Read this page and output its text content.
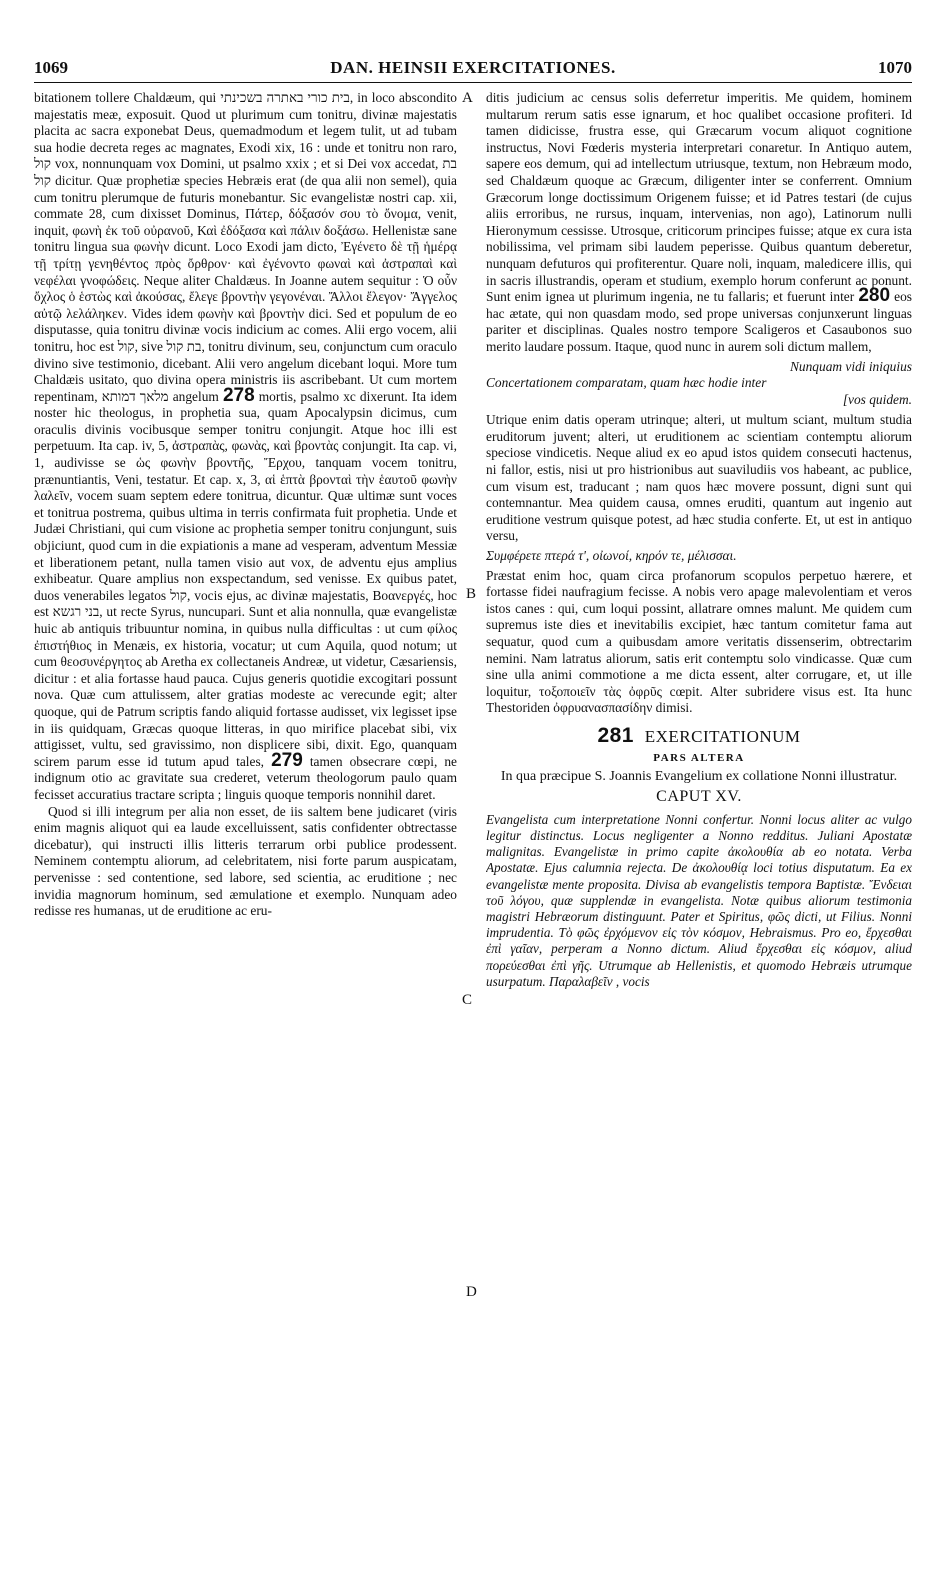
1069	DAN. HEINSII EXERCITATIONES.	1070
A
B
C
D

bitationem tollere Chaldæum, qui בית כורי באתרה בשכינתי, in loco abscondito majestatis meæ, exposuit. Quod ut plurimum cum tonitru, divinæ majestatis placita ac sacra exponebat Deus, quemadmodum et legem tulit, ut ad tubam sua hodie decreta reges ac magnates, Exodi xix, 16 : unde et tonitru non raro, קול vox, nonnunquam vox Domini, ut psalmo xxix ; et si Dei vox accedat, בת קול dicitur. Quæ prophetiæ species Hebræis erat (de qua alii non semel), quia cum tonitru plerumque de futuris monebantur. Sic evangelistæ nostri cap. xii, commate 28, cum dixisset Dominus, Πάτερ, δόξασόν σου τὸ ὄνομα, venit, inquit, φωνὴ ἐκ τοῦ οὐρανοῦ, Καὶ ἐδόξασα καὶ πάλιν δοξάσω. Hellenistæ sane tonitru lingua sua φωνὴν dicunt. Loco Exodi jam dicto, Ἐγένετο δὲ τῇ ἡμέρᾳ τῇ τρίτῃ γενηθέντος πρὸς ὄρθρον· καὶ ἐγένοντο φωναὶ καὶ ἀστραπαὶ καὶ νεφέλαι γνοφώδεις. Neque aliter Chaldæus. In Joanne autem sequitur : Ὁ οὖν ὄχλος ὁ ἑστὼς καὶ ἀκούσας, ἔλεγε βροντὴν γεγονέναι. Ἄλλοι ἔλεγον· Ἄγγελος αὐτῷ λελάληκεν. Vides idem φωνὴν καὶ βροντὴν dici. Sed et populum de eo disputasse, quia tonitru divinæ vocis indicium ac comes. Alii ergo vocem, alii tonitru, hoc est קול, sive בת קול, tonitru divinum, seu, conjunctum cum oraculo divino sive testimonio, dicebant. Alii vero angelum dicebant loqui. More tum Chaldæis usitato, quo divina opera ministris iis ascribebant. Ut cum mortem repentinam, מלאך דמותא angelum 278 mortis, psalmo xc dixerunt. Ita idem noster hic theologus, in prophetia sua, quam Apocalypsin dicimus, cum oraculis divinis vocibusque semper tonitru conjungit. Atque hoc illi est perpetuum. Ita cap. iv, 5, ἀστραπὰς, φωνὰς, καὶ βροντὰς conjungit. Ita cap. vi, 1, audivisse se ὡς φωνὴν βροντῆς, Ἔρχου, tanquam vocem tonitru, prænuntiantis, Veni, testatur. Et cap. x, 3, αἱ ἑπτὰ βρονταὶ τὴν ἑαυτοῦ φωνὴν λαλεῖν, vocem suam septem edere tonitrua, dicuntur. Quæ ultimæ sunt voces et tonitrua postrema, quibus ultima in terris confirmata fuit prophetia. Unde et Judæi Christiani, qui cum visione ac prophetia semper tonitru conjungunt, suis objiciunt, quod cum in die expiationis a mane ad vesperam, adventum Messiæ et liberationem petant, nulla tamen visio aut vox, de adventu ejus amplius exhibeatur. Quare amplius non exspectandum, sed venisse. Ex quibus patet, duos venerabiles legatos קול, vocis ejus, ac divinæ majestatis, Βοανεργές, hoc est בני רגשא, ut recte Syrus, nuncupari. Sunt et alia nonnulla, quæ evangelistæ huic ab antiquis tribuuntur nomina, in quibus nulla difficultas : ut cum φίλος ἐπιστήθιος in Menæis, ex historia, vocatur; ut cum Aquila, quod notum; ut cum θεοσυνέργητος ab Aretha ex collectaneis Andreæ, ut videtur, Cæsariensis, dicitur : et alia fortasse haud pauca. Cujus generis quotidie excogitari possunt nova. Quæ cum attulissem, alter gratias modeste ac verecunde egit; alter quoque, qui de Patrum scriptis fando aliquid fortasse audisset, vix legisset ipse in iis quidquam, Græcas quoque litteras, in quo mirifice placebat sibi, vix attigisset, vultu, sed gravissimo, non displicere sibi, dixit. Ego, quanquam scirem parum esse id tutum apud tales, 279 tamen obsecrare cœpi, ne indignum otio ac gravitate sua crederet, veterum theologorum paulo quam fecisset accuratius tractare scripta ; linguis quoque temporis nonnihil daret.

Quod si illi integrum per alia non esset, de iis saltem bene judicaret (viris enim magnis aliquot qui ea laude excelluissent, satis confidenter obtrectasse dicebatur), qui instructi illis litteris terrarum orbi publice prodessent. Neminem contemptu aliorum, ad celebritatem, nisi forte parum auspicatam, pervenisse : sed contentione, sed labore, sed scientia, ac eruditione ; nec invidia magnorum hominum, sed æmulatione et exemplo. Nunquam adeo redisse res humanas, ut de eruditione ac eru-

ditis judicium ac census solis deferretur imperitis. Me quidem, hominem multarum rerum satis esse ignarum, et hoc qualibet occasione profiteri. Id tamen didicisse, frustra esse, qui Græcarum vocum aliquot cognitione instructus, Novi Fœderis mysteria interpretari conaretur. In Antiquo autem, sapere eos demum, qui ad intellectum utriusque, textum, non Hebræum modo, sed Chaldæum quoque ac Græcum, diligenter inter se conferrent. Omnium Græcorum longe doctissimum Origenem fuisse; et id Patres testari (de cujus aliis erroribus, ne rursus, inquam, intervenias, non ago), Latinorum nulli Hieronymum cessisse. Utrosque, criticorum principes fuisse; atque ex cura ista nobilissima, vel primam sibi laudem peperisse. Quibus quantum deberetur, nunquam defuturos qui profiterentur. Quare noli, inquam, maledicere illis, qui in sacris illustrandis, operam et studium, exemplo horum conferunt ac ponunt. Sunt enim ignea ut plurimum ingenia, ne tu fallaris; et fuerunt inter 280 eos hac ætate, qui non quasdam modo, sed prope universas conjunxerunt linguas pariter et disciplinas. Quales nostro tempore Scaligeros et Casaubonos suo merito laudare possum. Itaque, quod nunc in aurem soli dictum mallem,

Nunquam vidi iniquius

Concertationem comparatam, quam hæc hodie inter

[vos quidem.

Utrique enim datis operam utrinque; alteri, ut multum sciant, multum studia eruditorum juvent; alteri, ut eruditionem ac scientiam contemptu aliorum speciose vindicetis. Neque aliud ex eo apud istos quidem consecuti hactenus, ni fallor, estis, nisi ut pro histrionibus aut suaviludiis vos habeant, ac publice, cum visum est, traducant ; nam quos hæc movere possunt, digni sunt qui contemnantur. Mea quidem causa, omnes eruditi, quantum aut ingenio aut eruditione vestrum quisque potest, ad hæc studia conferte. Et, ut est in antiquo versu,

Συμφέρετε πτερά τ', οἰωνοί, κηρόν τε, μέλισσαι.

Præstat enim hoc, quam circa profanorum scopulos perpetuo hærere, et fortasse fidei naufragium fecisse. A nobis vero apage malevolentiam et veros istos canes : qui, cum loqui possint, allatrare omnes malunt. Me quidem cum supremus iste dies et inevitabilis excipiet, hæc tantum comitetur fama aut sequatur, quod cum a quibusdam amore veritatis dissenserim, obtrectarim nemini. Nam latratus aliorum, satis erit contemptu solo vindicasse. Quæ cum sine ulla animi commotione a me dicta essent, alter corrugare, et, ut ille loquitur, τοξοποιεῖν τὰς ὀφρῦς cœpit. Alter subridere visus est. Ita hunc Thestoriden ὀφρυανασπασίδην dimisi.

281 EXERCITATIONUM
PARS ALTERA
In qua præcipue S. Joannis Evangelium ex collatione Nonni illustratur.
CAPUT XV.

Evangelista cum interpretatione Nonni confertur. Nonni locus aliter ac vulgo legitur distinctus. Locus negligenter a Nonno redditus. Juliani Apostatæ malignitas. Evangelistæ in primo capite ἀκολουθία ab eo notata. Verba Apostatæ. Ejus calumnia rejecta. De ἀκολουθίᾳ loci totius disputatum. Ea ex evangelistæ mente proposita. Divisa ab evangelistis tempora Baptistæ. Ἔνδειαι τοῦ λόγου, quæ supplendæ in evangelista. Notæ quibus aliorum testimonia magistri Hebræorum distinguunt. Pater et Spiritus, φῶς dicti, ut Filius. Nonni imprudentia. Τὸ φῶς ἐρχόμενον εἰς τὸν κόσμον, Hebraismus. Pro eo, ἔρχεσθαι ἐπὶ γαῖαν, perperam a Nonno dictum. Aliud ἔρχεσθαι εἰς κόσμον, aliud πορεύεσθαι ἐπὶ γῆς. Utrumque ab Hellenistis, et quomodo Hebræis utrumque usurpatum. Παραλαβεῖν , vocis
